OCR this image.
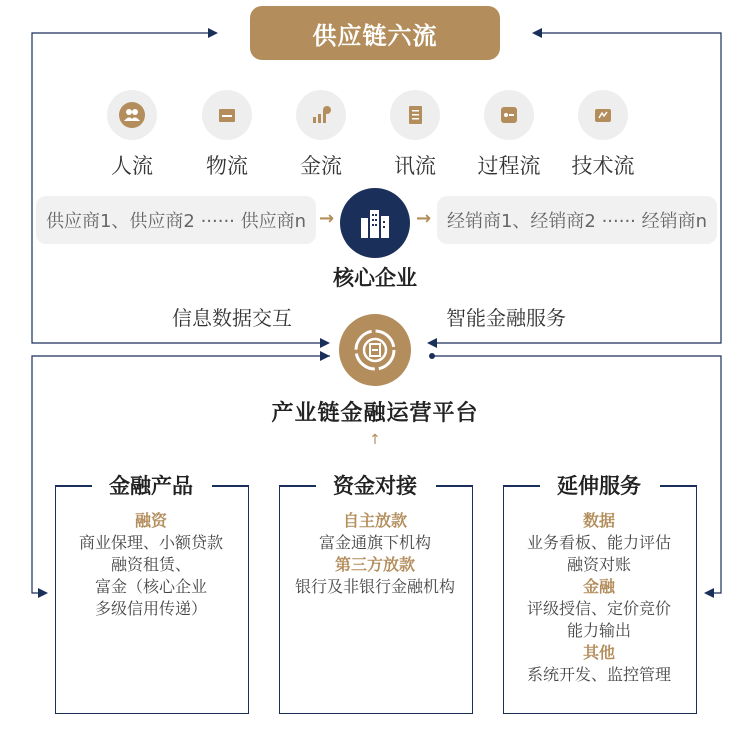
供应链六流
人流	物流	金流	讯流	过程流	技术流
供应商1、供应商2 ······ 供应商n →	→ 经销商1、经销商2 ······ 经销商n
核心企业
信息数据交互	智能金融服务
产业链金融运营平台
↑
金融产品
融资
商业保理、小额贷款
融资租赁、
富金（核心企业
多级信用传递）
资金对接
自主放款
富金通旗下机构
第三方放款
银行及非银行金融机构
延伸服务
数据
业务看板、能力评估
融资对账
金融
评级授信、定价竞价
能力输出
其他
系统开发、监控管理
